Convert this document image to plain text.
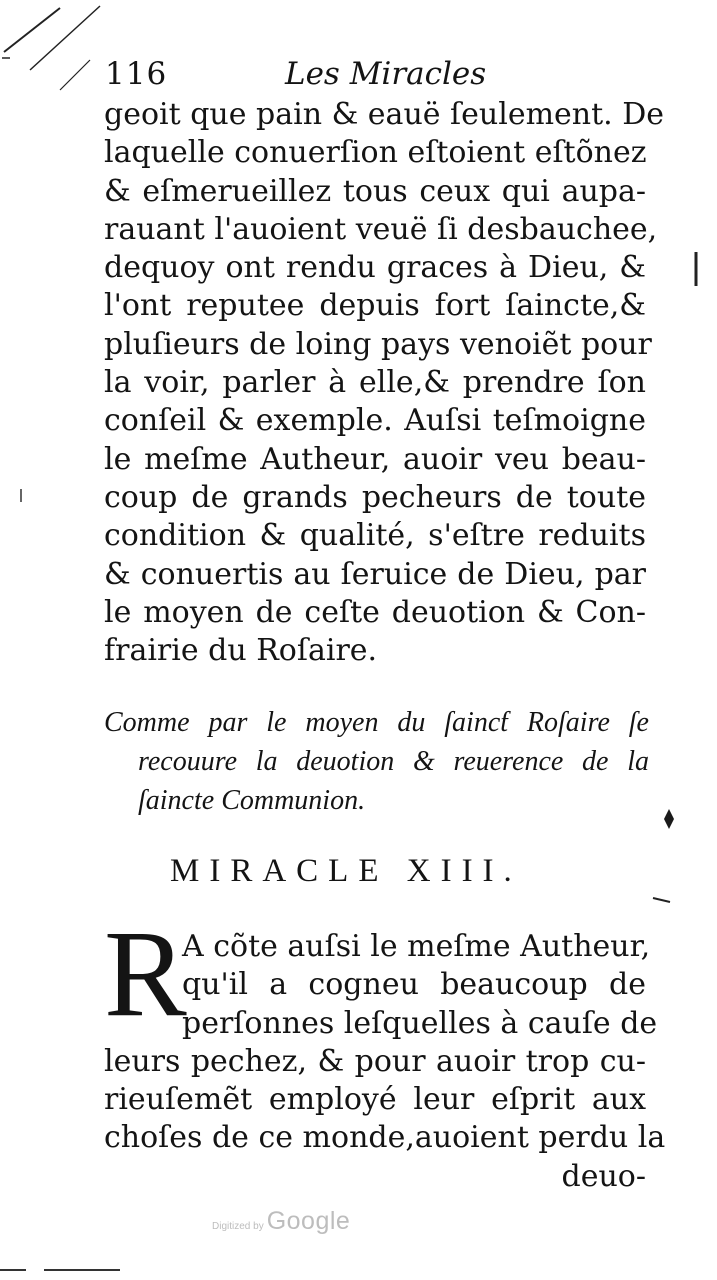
116	Les Miracles
geoit que pain & eauë ſeulement. De
laquelle conuerſion eſtoient eſtõnez
& eſmerueillez tous ceux qui aupa-
rauant l'auoient veuë ſi desbauchee,
dequoy ont rendu graces à Dieu, &
l'ont reputee depuis fort ſaincte,&
pluſieurs de loing pays venoiẽt pour
la voir, parler à elle,& prendre ſon
conſeil & exemple. Auſsi teſmoigne
le meſme Autheur, auoir veu beau-
coup de grands pecheurs de toute
condition & qualité, s'eſtre reduits
& conuertis au ſeruice de Dieu, par
le moyen de ceſte deuotion & Con-
frairie du Roſaire.
Comme par le moyen du ſaincƭ Roſaire ſe
recouure la deuotion & reuerence de la
ſaincte Communion.
MIRACLE XIII.
R
A cõte auſsi le meſme Autheur,
qu'il a cogneu beaucoup de
perſonnes leſquelles à cauſe de
leurs pechez, & pour auoir trop cu-
rieuſemẽt employé leur eſprit aux
choſes de ce monde,auoient perdu la
deuo-
Digitized by Google
